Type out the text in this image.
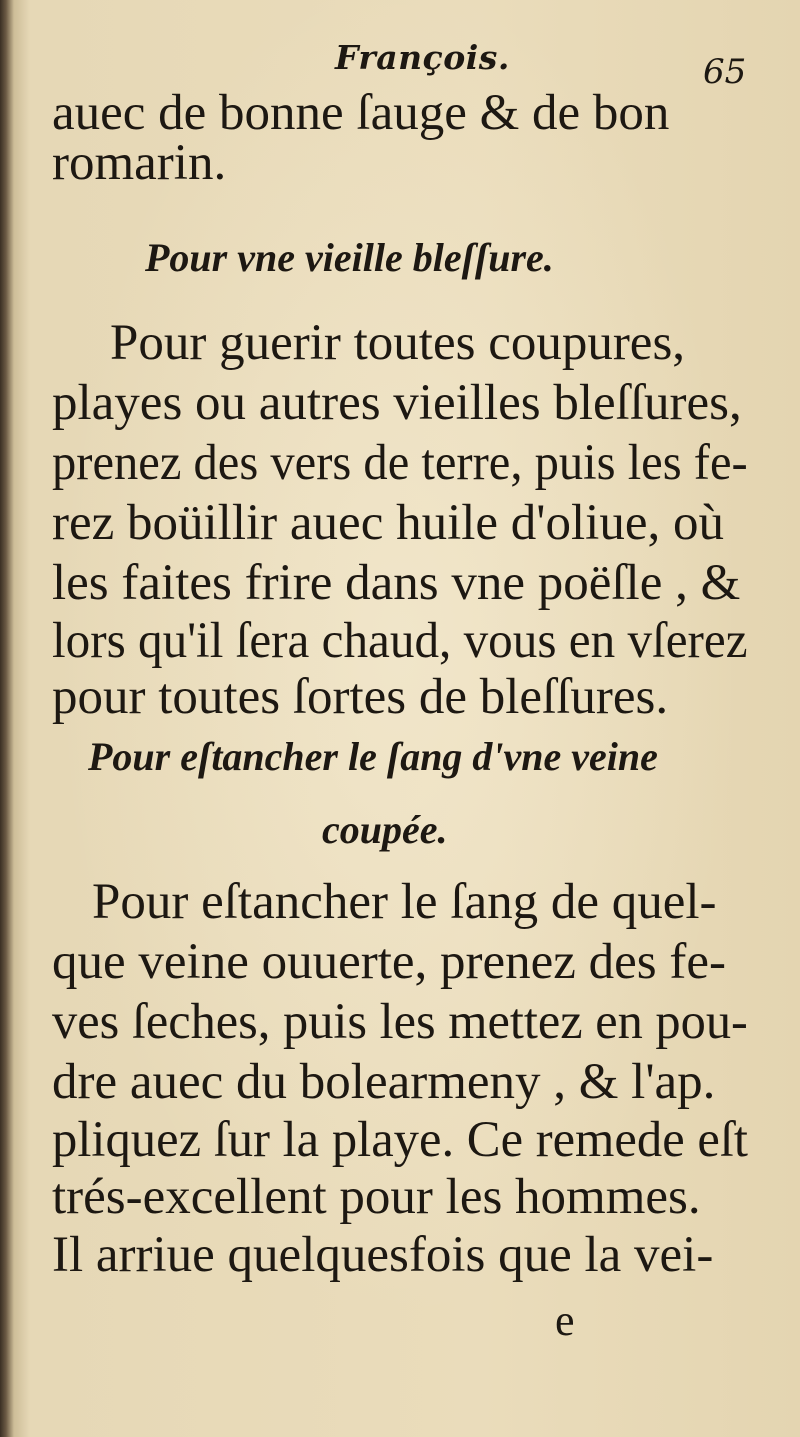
François.	65
auec de bonne ſauge & de bon
romarin.
Pour vne vieille bleſſure.
Pour guerir toutes coupures,
playes ou autres vieilles bleſſures,
prenez des vers de terre, puis les fe-
rez boüillir auec huile d'oliue, où
les faites frire dans vne poëſle , &
lors qu'il ſera chaud, vous en vſerez
pour toutes ſortes de bleſſures.
Pour eſtancher le ſang d'vne veine
coupée.
Pour eſtancher le ſang de quel-
que veine ouuerte, prenez des fe-
ves ſeches, puis les mettez en pou-
dre auec du bolearmeny , & l'ap.
pliquez ſur la playe. Ce remede eſt
trés-excellent pour les hommes.
Il arriue quelquesfois que la vei-
e
